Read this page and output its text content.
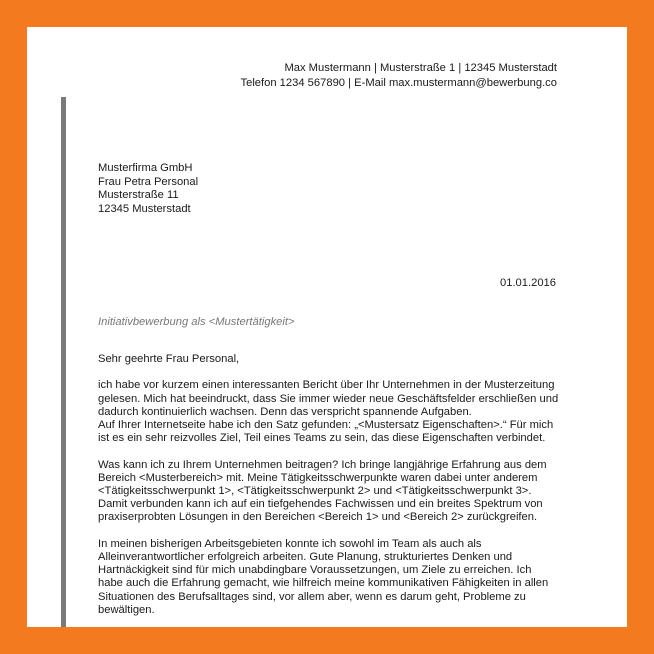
Max Mustermann | Musterstraße 1 | 12345 Musterstadt
Telefon 1234 567890 | E-Mail max.mustermann@bewerbung.co
Musterfirma GmbH
Frau Petra Personal
Musterstraße 11
12345 Musterstadt
01.01.2016
Initiativbewerbung als <Mustertätigkeit>

Sehr geehrte Frau Personal,

ich habe vor kurzem einen interessanten Bericht über Ihr Unternehmen in der Musterzeitung
gelesen. Mich hat beeindruckt, dass Sie immer wieder neue Geschäftsfelder erschließen und
dadurch kontinuierlich wachsen. Denn das verspricht spannende Aufgaben.
Auf Ihrer Internetseite habe ich den Satz gefunden: „<Mustersatz Eigenschaften>.“ Für mich
ist es ein sehr reizvolles Ziel, Teil eines Teams zu sein, das diese Eigenschaften verbindet.

Was kann ich zu Ihrem Unternehmen beitragen? Ich bringe langjährige Erfahrung aus dem
Bereich <Musterbereich> mit. Meine Tätigkeitsschwerpunkte waren dabei unter anderem
<Tätigkeitsschwerpunkt 1>, <Tätigkeitsschwerpunkt 2> und <Tätigkeitsschwerpunkt 3>.
Damit verbunden kann ich auf ein tiefgehendes Fachwissen und ein breites Spektrum von
praxiserprobten Lösungen in den Bereichen <Bereich 1> und <Bereich 2> zurückgreifen.

In meinen bisherigen Arbeitsgebieten konnte ich sowohl im Team als auch als
Alleinverantwortlicher erfolgreich arbeiten. Gute Planung, strukturiertes Denken und
Hartnäckigkeit sind für mich unabdingbare Voraussetzungen, um Ziele zu erreichen. Ich
habe auch die Erfahrung gemacht, wie hilfreich meine kommunikativen Fähigkeiten in allen
Situationen des Berufsalltages sind, vor allem aber, wenn es darum geht, Probleme zu
bewältigen.
